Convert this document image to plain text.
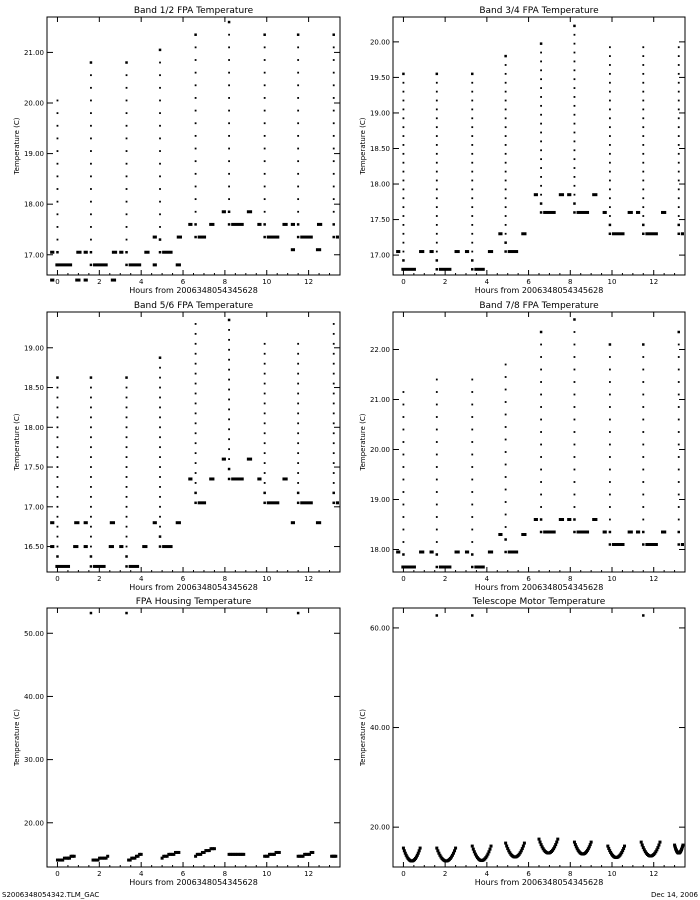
Band 1/2 FPA Temperature
Hours from 2006348054345628
Temperature (C)
0	2	4	6	8	10	12
17.00
18.00
19.00
20.00
21.00
Band 3/4 FPA Temperature
Hours from 2006348054345628
Temperature (C)
0	2	4	6	8	10	12
17.00
17.50
18.00
18.50
19.00
19.50
20.00
Band 5/6 FPA Temperature
Hours from 2006348054345628
Temperature (C)
0	2	4	6	8	10	12
16.50
17.00
17.50
18.00
18.50
19.00
Band 7/8 FPA Temperature
Hours from 2006348054345628
Temperature (C)
0	2	4	6	8	10	12
18.00
19.00
20.00
21.00
22.00
FPA Housing Temperature
Hours from 2006348054345628
Temperature (C)
0	2	4	6	8	10	12
20.00
30.00
40.00
50.00
Telescope Motor Temperature
Hours from 2006348054345628
Temperature (C)
0	2	4	6	8	10	12
20.00
40.00
60.00
S2006348054342.TLM_GAC	Dec 14, 2006
